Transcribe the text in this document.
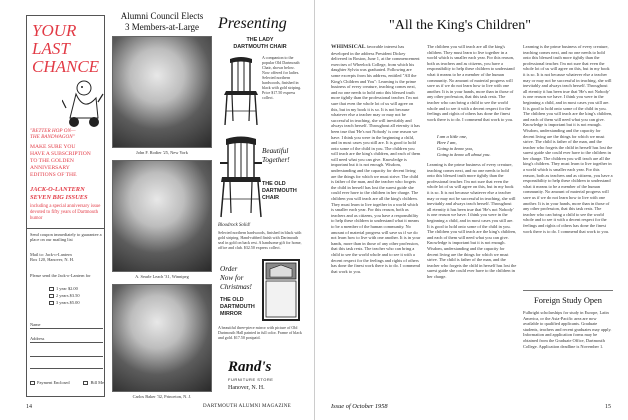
YOUR
LAST
CHANCE
"BETTER HOP ON—
THE BANDWAGON"
MAKE SURE YOU
HAVE A SUBSCRIPTION
TO THE GOLDEN
ANNIVERSARY
EDITIONS OF THE
JACK-O-LANTERN
SEVEN BIG ISSUES
including a special anniversary issue devoted to fifty years of Dartmouth humor
Send coupon immediately to guarantee a place on our mailing list
Mail to: Jack-o-Lantern
Box 120, Hanover, N. H.
Please send the Jack-o-Lantern for
1 year $2.00
2 years $3.50
3 years $5.00
Name
Address
Payment Enclosed	Bill Me
Alumni Council Elects
3 Members-at-Large
John F. Rodier '25, New York
A. Searle Leach '31, Winnipeg
Carlos Baker '32, Princeton, N. J.
Presenting
THE LADY
DARTMOUTH CHAIR
A companion to the popular Old Dartmouth Chair, shown below. Now offered for ladies. Selected northern hardwoods, finished in black with gold striping. Price $17.50 express collect.
Beautiful
Together!
THE OLD
DARTMOUTH
CHAIR
Bloodrock Solid!
Selected northern hardwoods, finished in black with gold striping. Hand-rubbed finish with Dartmouth seal in gold on back rest. A handsome gift for home, office and club. $32.50 express collect.
Order
Now for
Christmas!
THE OLD
DARTMOUTH
MIRROR
A beautiful three-piece mirror with picture of Old Dartmouth Hall painted in full color. Frame of black and gold. $17.50 postpaid.
Rand's
FURNITURE STORE
Hanover, N. H.
14
"All the King's Children"
WHIMSICAL favorable interest has developed in the address President Dickey delivered in Boston, June 1, at the commencement exercises of Wheelock College, from which his daughter Sylvia was graduated. Following are some excerpts from his address, entitled "All the King's Children and You": Learning is the prime business of every creature, teaching comes next, and no one needs to hold onto this blessed truth more tightly than the professional teacher. I'm not sure that even the whole lot of us will agree on this, but in my book it is so. It is not because whatever else a teacher may or may not be successful in teaching, she will inevitably and always teach herself. Throughout all eternity it has been true that 'He's not Nobody' is one reason we have. I think you were in the beginning a child, and in most cases you still are. It is good to hold onto some of the child in you. The children you will teach are the king's children, and each of them will need what you can give. Knowledge is important but it is not enough. Wisdom, understanding and the capacity for decent living are the things for which we must strive. The child is father of the man, and the teacher who forgets the child in herself has lost the surest guide she could ever have to the children in her charge. The children you will teach are all the king's children. They must learn to live together in a world which is smaller each year. For this reason, both as teachers and as citizens, you have a responsibility to help these children to understand what it means to be a member of the human community. No amount of material progress will save us if we do not learn how to live with one another. It is in your hands, more than in those of any other profession, that this task rests. The teacher who can bring a child to see the world whole and to see it with a decent respect for the feelings and rights of others has done the finest work there is to do. I commend that work to you.
The children you will teach are all the king's children. They must learn to live together in a world which is smaller each year. For this reason, both as teachers and as citizens, you have a responsibility to help these children to understand what it means to be a member of the human community. No amount of material progress will save us if we do not learn how to live with one another. It is in your hands, more than in those of any other profession, that this task rests. The teacher who can bring a child to see the world whole and to see it with a decent respect for the feelings and rights of others has done the finest work there is to do. I commend that work to you.
I am a little one,
Here I am,
Going to know you,
Going to know all about you.
Learning is the prime business of every creature, teaching comes next, and no one needs to hold onto this blessed truth more tightly than the professional teacher. I'm not sure that even the whole lot of us will agree on this, but in my book it is so. It is not because whatever else a teacher may or may not be successful in teaching, she will inevitably and always teach herself. Throughout all eternity it has been true that 'He's not Nobody' is one reason we have. I think you were in the beginning a child, and in most cases you still are. It is good to hold onto some of the child in you. The children you will teach are the king's children, and each of them will need what you can give. Knowledge is important but it is not enough. Wisdom, understanding and the capacity for decent living are the things for which we must strive. The child is father of the man, and the teacher who forgets the child in herself has lost the surest guide she could ever have to the children in her charge.
Learning is the prime business of every creature, teaching comes next, and no one needs to hold onto this blessed truth more tightly than the professional teacher. I'm not sure that even the whole lot of us will agree on this, but in my book it is so. It is not because whatever else a teacher may or may not be successful in teaching, she will inevitably and always teach herself. Throughout all eternity it has been true that 'He's not Nobody' is one reason we have. I think you were in the beginning a child, and in most cases you still are. It is good to hold onto some of the child in you. The children you will teach are the king's children, and each of them will need what you can give. Knowledge is important but it is not enough. Wisdom, understanding and the capacity for decent living are the things for which we must strive. The child is father of the man, and the teacher who forgets the child in herself has lost the surest guide she could ever have to the children in her charge. The children you will teach are all the king's children. They must learn to live together in a world which is smaller each year. For this reason, both as teachers and as citizens, you have a responsibility to help these children to understand what it means to be a member of the human community. No amount of material progress will save us if we do not learn how to live with one another. It is in your hands, more than in those of any other profession, that this task rests. The teacher who can bring a child to see the world whole and to see it with a decent respect for the feelings and rights of others has done the finest work there is to do. I commend that work to you.
Foreign Study Open
Fulbright scholarships for study in Europe, Latin America, or the Asia-Pacific area are now available to qualified applicants. Graduate students, teachers and recent graduates may apply. Information and application forms may be obtained from the Graduate Office, Dartmouth College. Application deadline is November 1.
DARTMOUTH ALUMNI MAGAZINE	Issue of October 1958	15
